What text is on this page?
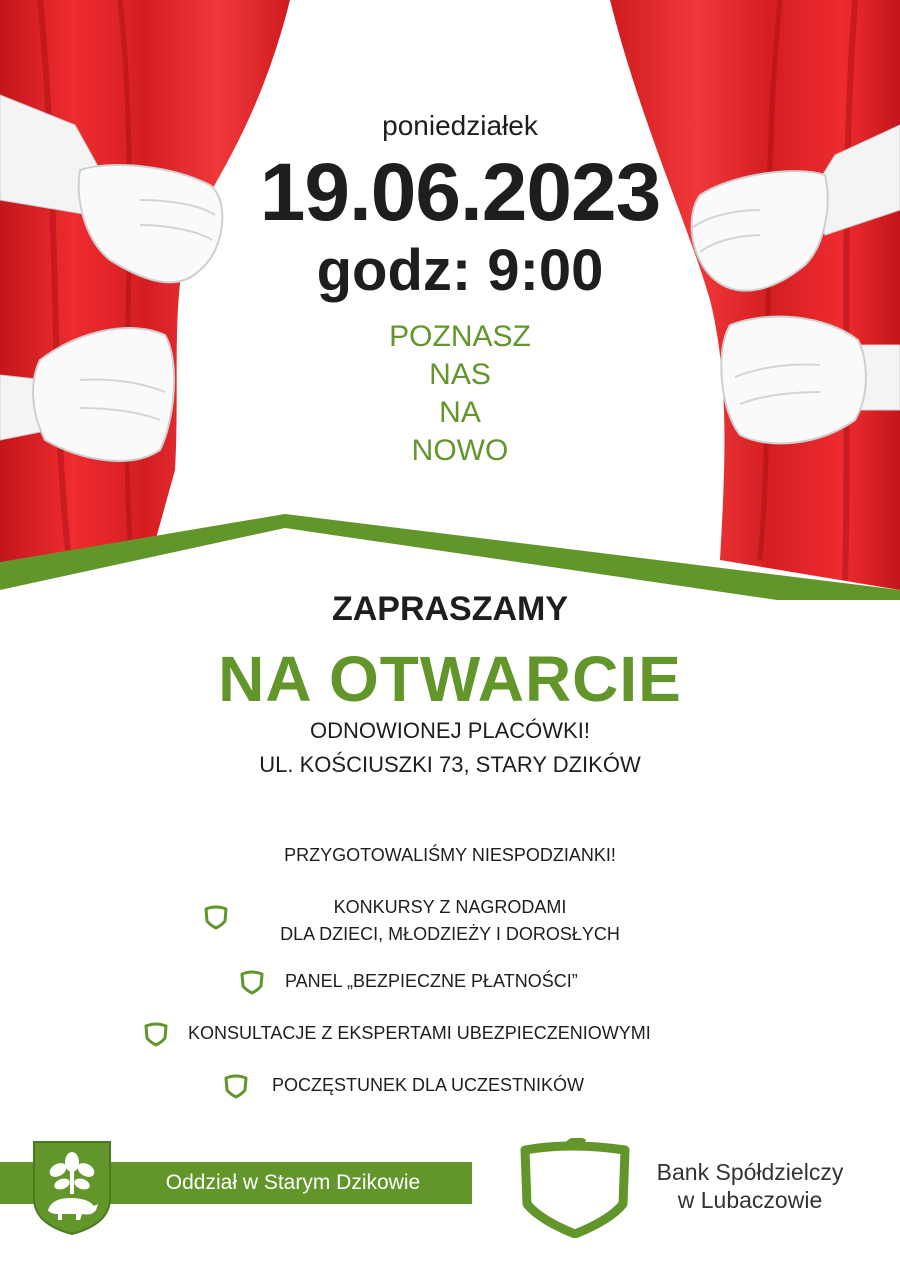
poniedziałek
19.06.2023
godz: 9:00
POZNASZ
NAS
NA
NOWO
ZAPRASZAMY
NA OTWARCIE
ODNOWIONEJ PLACÓWKI!
UL. KOŚCIUSZKI 73, STARY DZIKÓW
PRZYGOTOWALIŚMY NIESPODZIANKI!
KONKURSY Z NAGRODAMI
DLA DZIECI, MŁODZIEŻY I DOROSŁYCH
PANEL „BEZPIECZNE PŁATNOŚCI”
KONSULTACJE Z EKSPERTAMI UBEZPIECZENIOWYMI
POCZĘSTUNEK DLA UCZESTNIKÓW
Oddział w Starym Dzikowie	Bank Spółdzielczy
w Lubaczowie
